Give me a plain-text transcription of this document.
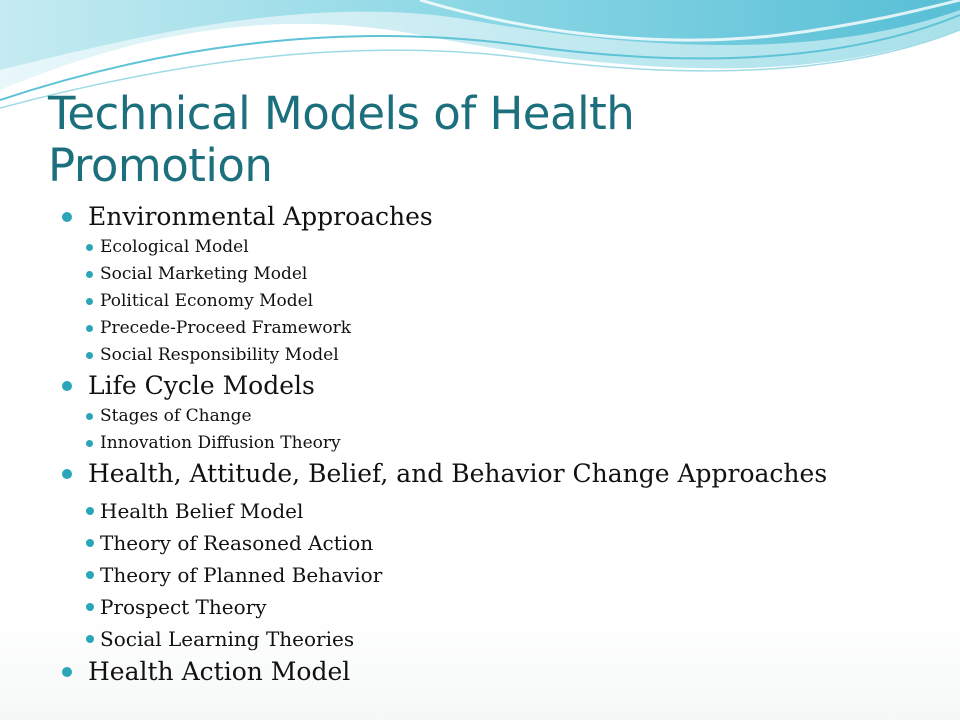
Technical Models of Health Promotion
Environmental Approaches
Ecological Model
Social Marketing Model
Political Economy Model
Precede-Proceed Framework
Social Responsibility Model
Life Cycle Models
Stages of Change
Innovation Diffusion Theory
Health, Attitude, Belief, and Behavior Change Approaches
Health Belief Model
Theory of Reasoned Action
Theory of Planned Behavior
Prospect Theory
Social Learning Theories
Health Action Model
